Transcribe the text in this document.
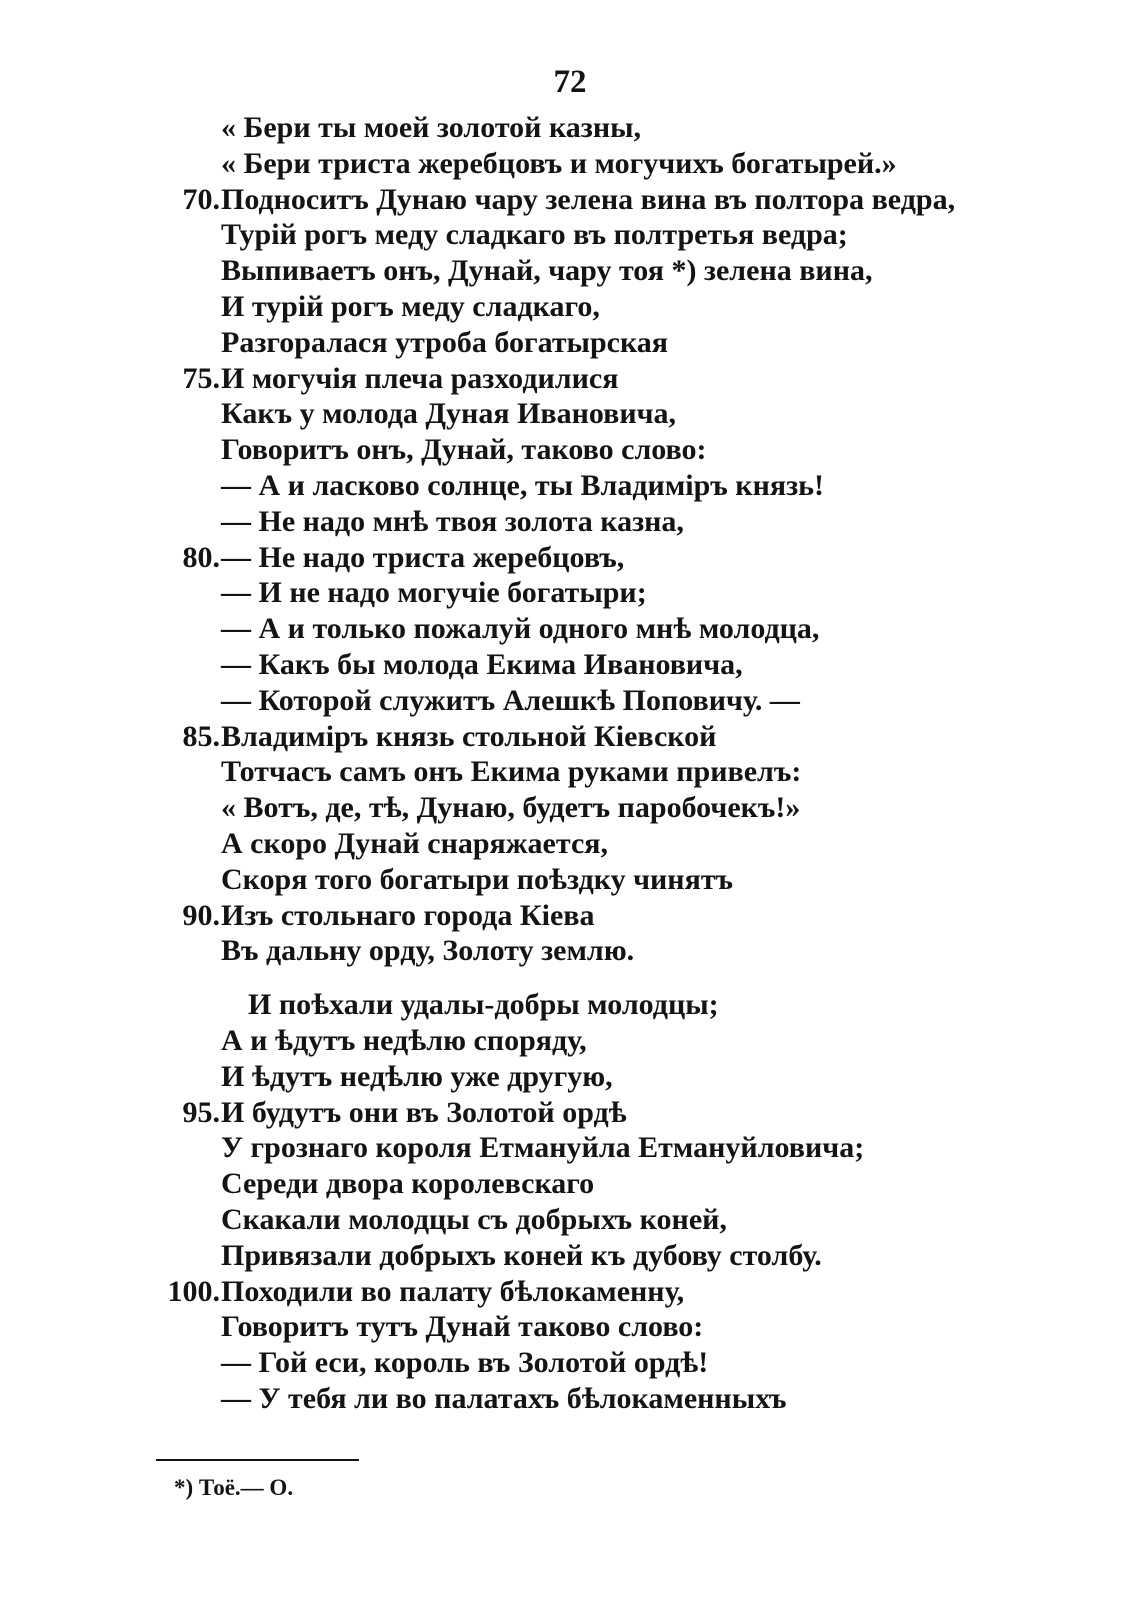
72
« Бери ты моей золотой казны,
« Бери триста жеребцовъ и могучихъ богатырей.»
70. Подноситъ Дунаю чару зелена вина въ полтора ведра,
Турій рогъ меду сладкаго въ полтретья ведра;
Выпиваетъ онъ, Дунай, чару тоя *) зелена вина,
И турій рогъ меду сладкаго,
Разгоралася утроба богатырская
75. И могучія плеча разходилися
Какъ у молода Дуная Ивановича,
Говоритъ онъ, Дунай, таково слово:
— А и ласково солнце, ты Владиміръ князь!
— Не надо мнѣ твоя золота казна,
80. — Не надо триста жеребцовъ,
— И не надо могучіе богатыри;
— А и только пожалуй одного мнѣ молодца,
— Какъ бы молода Екима Ивановича,
— Которой служитъ Алешкѣ Поповичу. —
85. Владиміръ князь стольной Кіевской
Тотчасъ самъ онъ Екима руками привелъ:
« Вотъ, де, тѣ, Дунаю, будетъ паробочекъ!»
А скоро Дунай снаряжается,
Скоря того богатыри поѣздку чинятъ
90. Изъ стольнаго города Кіева
Въ дальну орду, Золоту землю.
И поѣхали удалы-добры молодцы;
А и ѣдутъ недѣлю споряду,
И ѣдутъ недѣлю уже другую,
95. И будутъ они въ Золотой ордѣ
У грознаго короля Етмануйла Етмануйловича;
Середи двора королевскаго
Скакали молодцы съ добрыхъ коней,
Привязали добрыхъ коней къ дубову столбу.
100. Походили во палату бѣлокаменну,
Говоритъ тутъ Дунай таково слово:
— Гой еси, король въ Золотой ордѣ!
— У тебя ли во палатахъ бѣлокаменныхъ
*) Тоё.— О.
